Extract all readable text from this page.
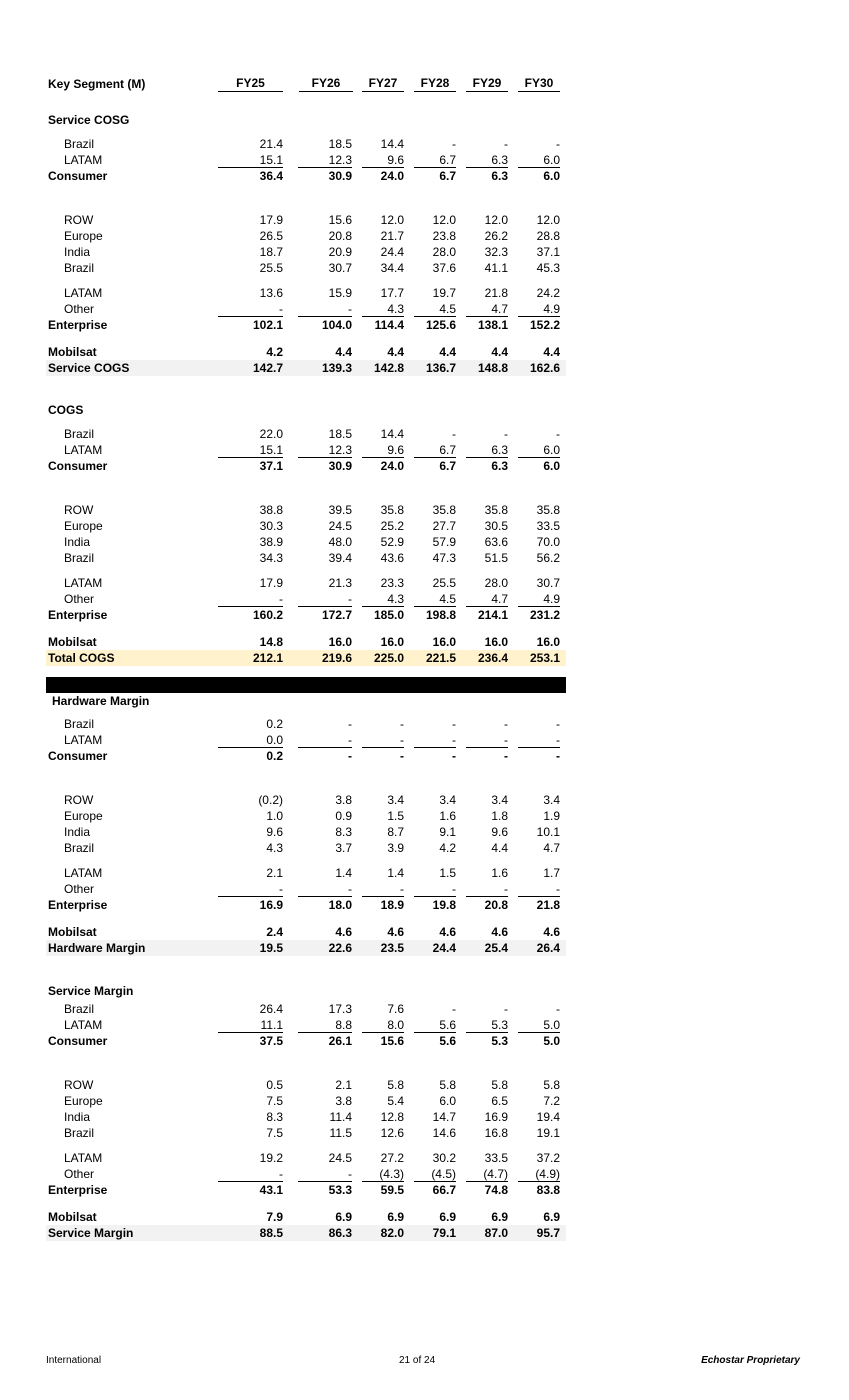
Key Segment (M)	FY25	FY26	FY27	FY28	FY29	FY30
Service COSG
Brazil	21.4	18.5	14.4	-	-	-
LATAM	15.1	12.3	9.6	6.7	6.3	6.0
Consumer	36.4	30.9	24.0	6.7	6.3	6.0
ROW	17.9	15.6	12.0	12.0	12.0	12.0
Europe	26.5	20.8	21.7	23.8	26.2	28.8
India	18.7	20.9	24.4	28.0	32.3	37.1
Brazil	25.5	30.7	34.4	37.6	41.1	45.3
LATAM	13.6	15.9	17.7	19.7	21.8	24.2
Other	-	-	4.3	4.5	4.7	4.9
Enterprise	102.1	104.0	114.4	125.6	138.1	152.2
Mobilsat	4.2	4.4	4.4	4.4	4.4	4.4
Service COGS	142.7	139.3	142.8	136.7	148.8	162.6
COGS
Brazil	22.0	18.5	14.4	-	-	-
LATAM	15.1	12.3	9.6	6.7	6.3	6.0
Consumer	37.1	30.9	24.0	6.7	6.3	6.0
ROW	38.8	39.5	35.8	35.8	35.8	35.8
Europe	30.3	24.5	25.2	27.7	30.5	33.5
India	38.9	48.0	52.9	57.9	63.6	70.0
Brazil	34.3	39.4	43.6	47.3	51.5	56.2
LATAM	17.9	21.3	23.3	25.5	28.0	30.7
Other	-	-	4.3	4.5	4.7	4.9
Enterprise	160.2	172.7	185.0	198.8	214.1	231.2
Mobilsat	14.8	16.0	16.0	16.0	16.0	16.0
Total COGS	212.1	219.6	225.0	221.5	236.4	253.1
Hardware Margin
Brazil	0.2	-	-	-	-	-
LATAM	0.0	-	-	-	-	-
Consumer	0.2	-	-	-	-	-
ROW	(0.2)	3.8	3.4	3.4	3.4	3.4
Europe	1.0	0.9	1.5	1.6	1.8	1.9
India	9.6	8.3	8.7	9.1	9.6	10.1
Brazil	4.3	3.7	3.9	4.2	4.4	4.7
LATAM	2.1	1.4	1.4	1.5	1.6	1.7
Other	-	-	-	-	-	-
Enterprise	16.9	18.0	18.9	19.8	20.8	21.8
Mobilsat	2.4	4.6	4.6	4.6	4.6	4.6
Hardware Margin	19.5	22.6	23.5	24.4	25.4	26.4
Service Margin
Brazil	26.4	17.3	7.6	-	-	-
LATAM	11.1	8.8	8.0	5.6	5.3	5.0
Consumer	37.5	26.1	15.6	5.6	5.3	5.0
ROW	0.5	2.1	5.8	5.8	5.8	5.8
Europe	7.5	3.8	5.4	6.0	6.5	7.2
India	8.3	11.4	12.8	14.7	16.9	19.4
Brazil	7.5	11.5	12.6	14.6	16.8	19.1
LATAM	19.2	24.5	27.2	30.2	33.5	37.2
Other	-	-	(4.3)	(4.5)	(4.7)	(4.9)
Enterprise	43.1	53.3	59.5	66.7	74.8	83.8
Mobilsat	7.9	6.9	6.9	6.9	6.9	6.9
Service Margin	88.5	86.3	82.0	79.1	87.0	95.7
International	21 of 24	Echostar Proprietary
